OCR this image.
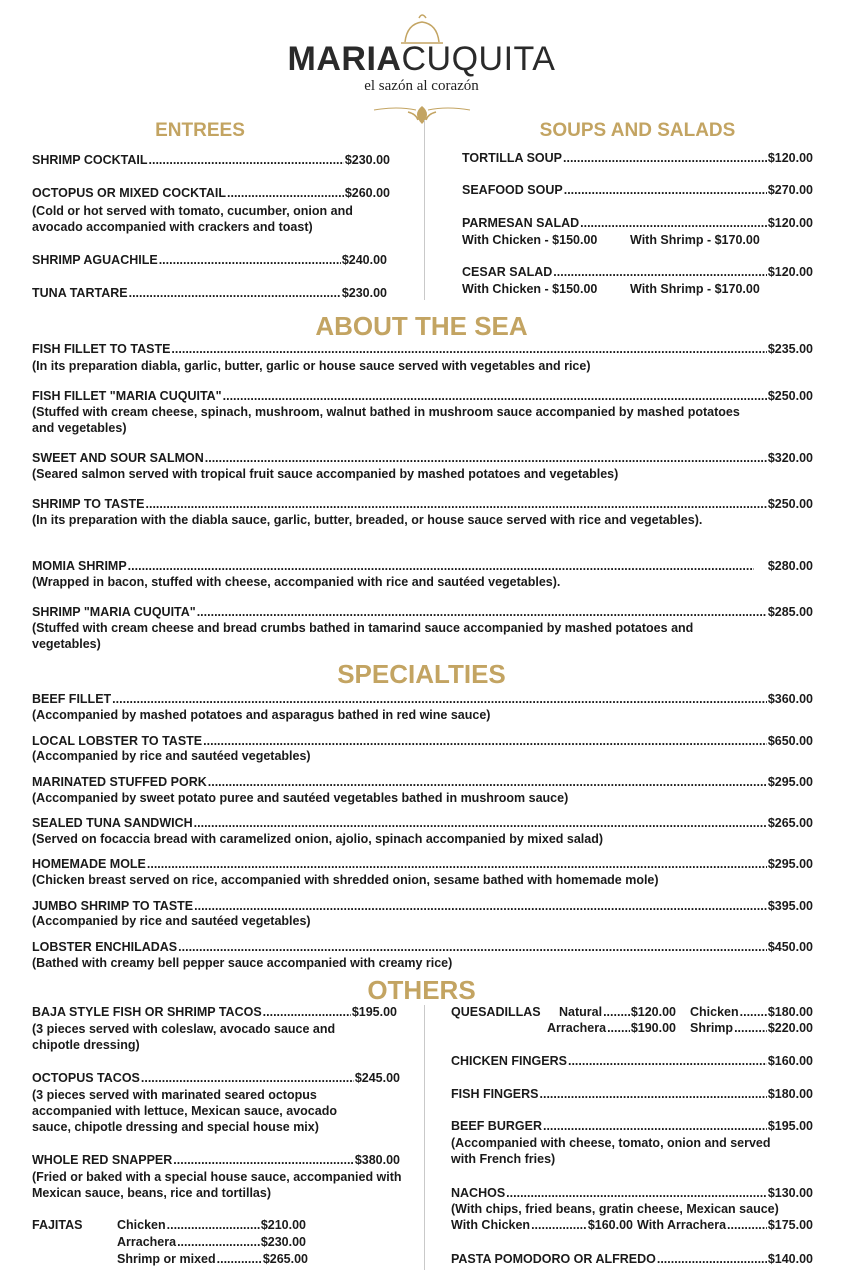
MARIACUQUITA
el sazón al corazón
ENTREES	SOUPS AND SALADS
ABOUT THE SEA
SPECIALTIES
OTHERS
SHRIMP COCKTAIL .....	$230.00
OCTOPUS OR MIXED COCKTAIL .....	$260.00
(Cold or hot served with tomato, cucumber, onion and avocado accompanied with crackers and toast)
SHRIMP AGUACHILE .....	$240.00
TUNA TARTARE .....	$230.00
TORTILLA SOUP .....	$120.00
SEAFOOD SOUP .....	$270.00
PARMESAN SALAD .....	$120.00
With Chicken - $150.00	With Shrimp - $170.00
CESAR SALAD .....	$120.00
With Chicken - $150.00	With Shrimp - $170.00
FISH FILLET TO TASTE .....	$235.00
(In its preparation diabla, garlic, butter, garlic or house sauce served with vegetables and rice)
FISH FILLET "MARIA CUQUITA" .....	$250.00
(Stuffed with cream cheese, spinach, mushroom, walnut bathed in mushroom sauce accompanied by mashed potatoes and vegetables)
SWEET AND SOUR SALMON .....	$320.00
(Seared salmon served with tropical fruit sauce accompanied by mashed potatoes and vegetables)
SHRIMP TO TASTE .....	$250.00
(In its preparation with the diabla sauce, garlic, butter, breaded, or house sauce served with rice and vegetables).
MOMIA SHRIMP .....	$280.00
(Wrapped in bacon, stuffed with cheese, accompanied with rice and sautéed vegetables).
SHRIMP "MARIA CUQUITA" .....	$285.00
(Stuffed with cream cheese and bread crumbs bathed in tamarind sauce accompanied by mashed potatoes and vegetables)
BEEF FILLET .....	$360.00
(Accompanied by mashed potatoes and asparagus bathed in red wine sauce)
LOCAL LOBSTER TO TASTE .....	$650.00
(Accompanied by rice and sautéed vegetables)
MARINATED STUFFED PORK .....	$295.00
(Accompanied by sweet potato puree and sautéed vegetables bathed in mushroom sauce)
SEALED TUNA SANDWICH .....	$265.00
(Served on focaccia bread with caramelized onion, ajolio, spinach accompanied by mixed salad)
HOMEMADE MOLE .....	$295.00
(Chicken breast served on rice, accompanied with shredded onion, sesame bathed with homemade mole)
JUMBO SHRIMP TO TASTE .....	$395.00
(Accompanied by rice and sautéed vegetables)
LOBSTER ENCHILADAS .....	$450.00
(Bathed with creamy bell pepper sauce accompanied with creamy rice)
BAJA STYLE FISH OR SHRIMP TACOS .....	$195.00
(3 pieces served with coleslaw, avocado sauce and chipotle dressing)
OCTOPUS TACOS .....	$245.00
(3 pieces served with marinated seared octopus accompanied with lettuce, Mexican sauce, avocado sauce, chipotle dressing and special house mix)
WHOLE RED SNAPPER .....	$380.00
(Fried or baked with a special house sauce, accompanied with Mexican sauce, beans, rice and tortillas)
FAJITAS	Chicken .....	$210.00
Arrachera .....	$230.00
Shrimp or mixed .....	$265.00
QUESADILLAS Natural ..... $120.00 Chicken ..... $180.00
Arrachera ..... $190.00 Shrimp .....	$220.00
CHICKEN FINGERS .....	$160.00
FISH FINGERS .....	$180.00
BEEF BURGER .....	$195.00
(Accompanied with cheese, tomato, onion and served with French fries)
NACHOS .....	$130.00
(With chips, fried beans, gratin cheese, Mexican sauce)
With Chicken .....	$160.00 With Arrachera .....	$175.00
PASTA POMODORO OR ALFREDO .....	$140.00
